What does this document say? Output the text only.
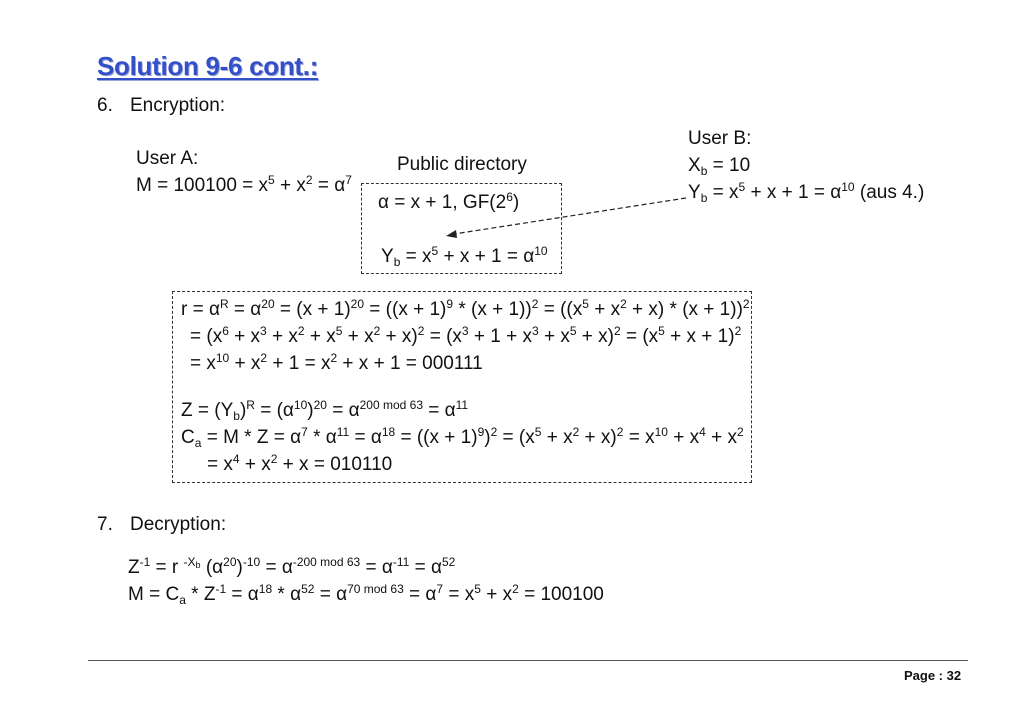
Solution 9-6 cont.:
6. Encryption:
User A:
$M = 100100 = x^5 + x^2 = \alpha^7$
Public directory
α = x + 1, $GF(2^6)$
$Y_b = x^5 + x + 1 = \alpha^{10}$
User B:
$X_b = 10$
$Y_b = x^5 + x + 1 = \alpha^{10}$ (aus 4.)
$r = \alpha^R = \alpha^{20} = (x + 1)^{20} = ((x + 1)^9 * (x + 1))^2 = ((x^5 + x^2 + x) * (x + 1))^2$
= $(x^6 + x^3 + x^2 + x^5 + x^2 + x)^2 = (x^3 + 1 + x^3 + x^5 + x)^2 = (x^5 + x + 1)^2$
= $x^{10} + x^2 + 1 = x^2 + x + 1 = 000111$
$Z = (Y_b)^R = (\alpha^{10})^{20} = \alpha^{200 mod 63} = \alpha^{11}$
$C_a = M * Z = \alpha^7 * \alpha^{11} = \alpha^{18} = ((x + 1)^9)^2 = (x^5 + x^2 + x)^2 = x^{10} + x^4 + x^2$
= $x^4 + x^2 + x = 010110$
7. Decryption:
$Z^{-1} = r$ $^{-X_b}$ $(\alpha^{20})^{-10} = \alpha^{-200 mod 63} = \alpha^{-11} = \alpha^{52}$
$M = C_a * Z^{-1} = \alpha^{18} * \alpha^{52} = \alpha^{70 mod 63} = \alpha^7 = x^5 + x^2 = 100100$
Page : 32
